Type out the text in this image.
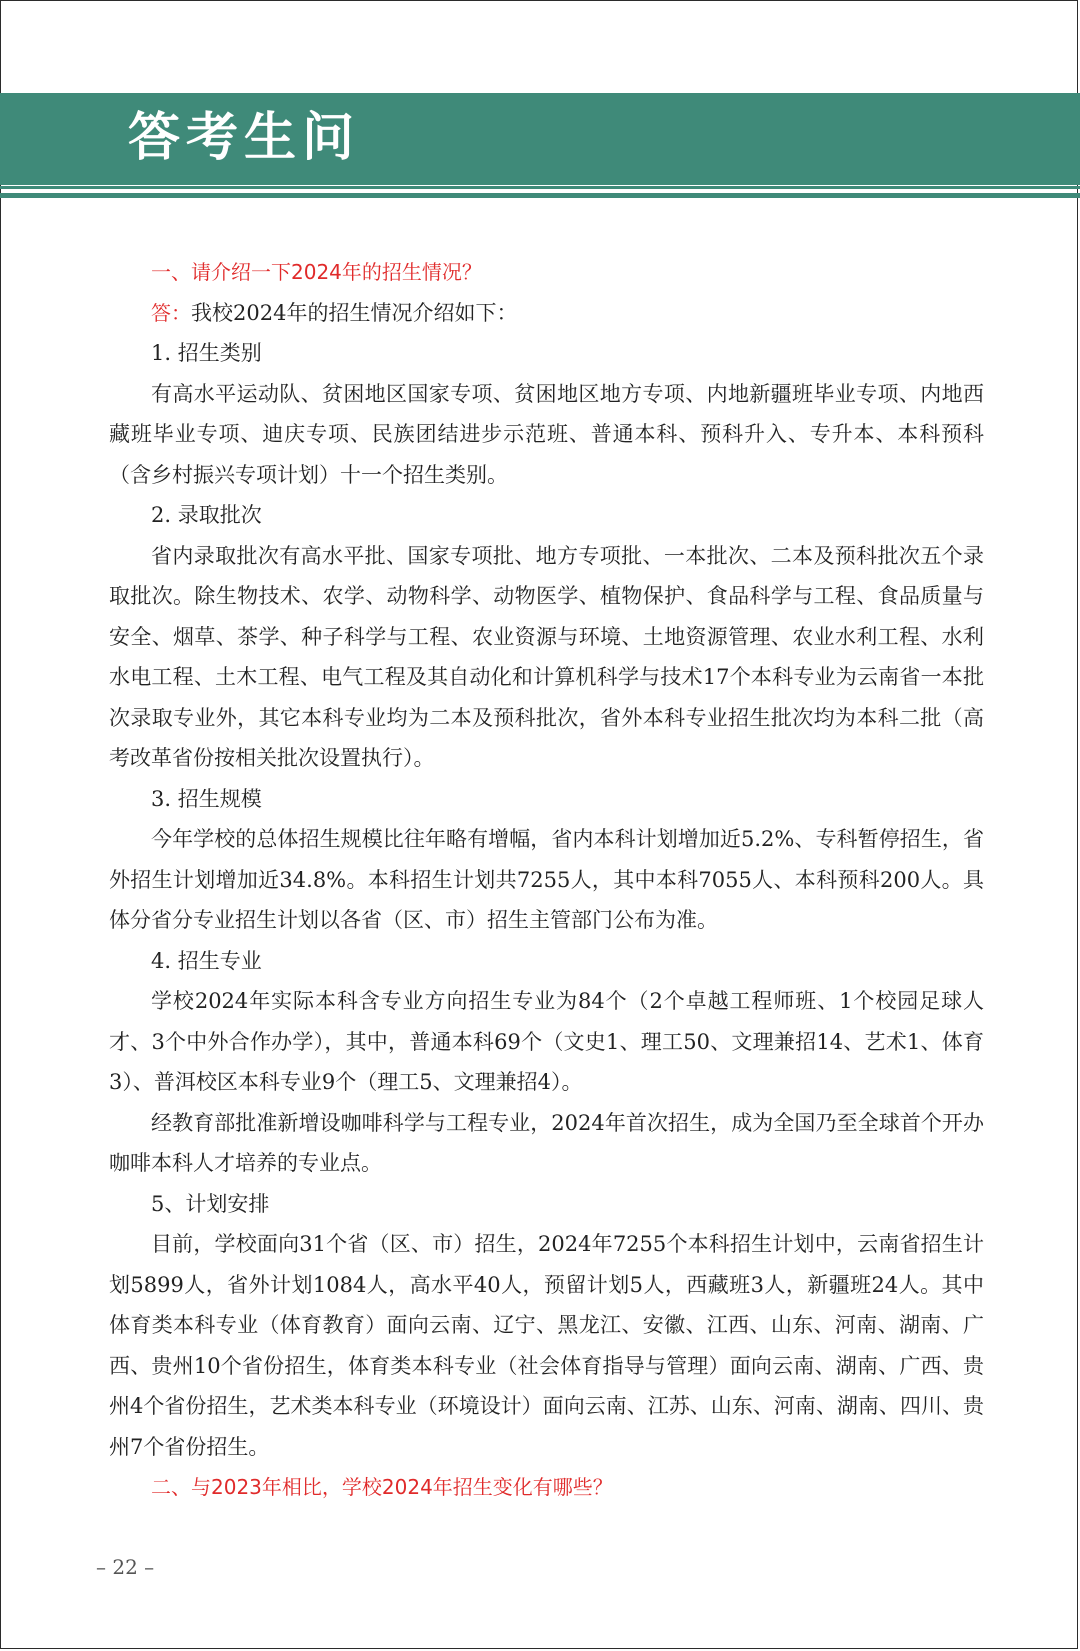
答考生问

一、请介绍一下2024年的招生情况？

答：我校2024年的招生情况介绍如下：

1. 招生类别

有高水平运动队、贫困地区国家专项、贫困地区地方专项、内地新疆班毕业专项、内地西藏班毕业专项、迪庆专项、民族团结进步示范班、普通本科、预科升入、专升本、本科预科（含乡村振兴专项计划）十一个招生类别。

2. 录取批次

省内录取批次有高水平批、国家专项批、地方专项批、一本批次、二本及预科批次五个录取批次。除生物技术、农学、动物科学、动物医学、植物保护、食品科学与工程、食品质量与安全、烟草、茶学、种子科学与工程、农业资源与环境、土地资源管理、农业水利工程、水利水电工程、土木工程、电气工程及其自动化和计算机科学与技术17个本科专业为云南省一本批次录取专业外，其它本科专业均为二本及预科批次，省外本科专业招生批次均为本科二批（高考改革省份按相关批次设置执行）。

3. 招生规模

今年学校的总体招生规模比往年略有增幅，省内本科计划增加近5.2%、专科暂停招生，省外招生计划增加近34.8%。本科招生计划共7255人，其中本科7055人、本科预科200人。具体分省分专业招生计划以各省（区、市）招生主管部门公布为准。

4. 招生专业

学校2024年实际本科含专业方向招生专业为84个（2个卓越工程师班、1个校园足球人才、3个中外合作办学），其中，普通本科69个（文史1、理工50、文理兼招14、艺术1、体育3）、普洱校区本科专业9个（理工5、文理兼招4）。

经教育部批准新增设咖啡科学与工程专业，2024年首次招生，成为全国乃至全球首个开办咖啡本科人才培养的专业点。

5、计划安排

目前，学校面向31个省（区、市）招生，2024年7255个本科招生计划中，云南省招生计划5899人，省外计划1084人，高水平40人，预留计划5人，西藏班3人，新疆班24人。其中体育类本科专业（体育教育）面向云南、辽宁、黑龙江、安徽、江西、山东、河南、湖南、广西、贵州10个省份招生，体育类本科专业（社会体育指导与管理）面向云南、湖南、广西、贵州4个省份招生，艺术类本科专业（环境设计）面向云南、江苏、山东、河南、湖南、四川、贵州7个省份招生。

二、与2023年相比，学校2024年招生变化有哪些？

– 22 –
